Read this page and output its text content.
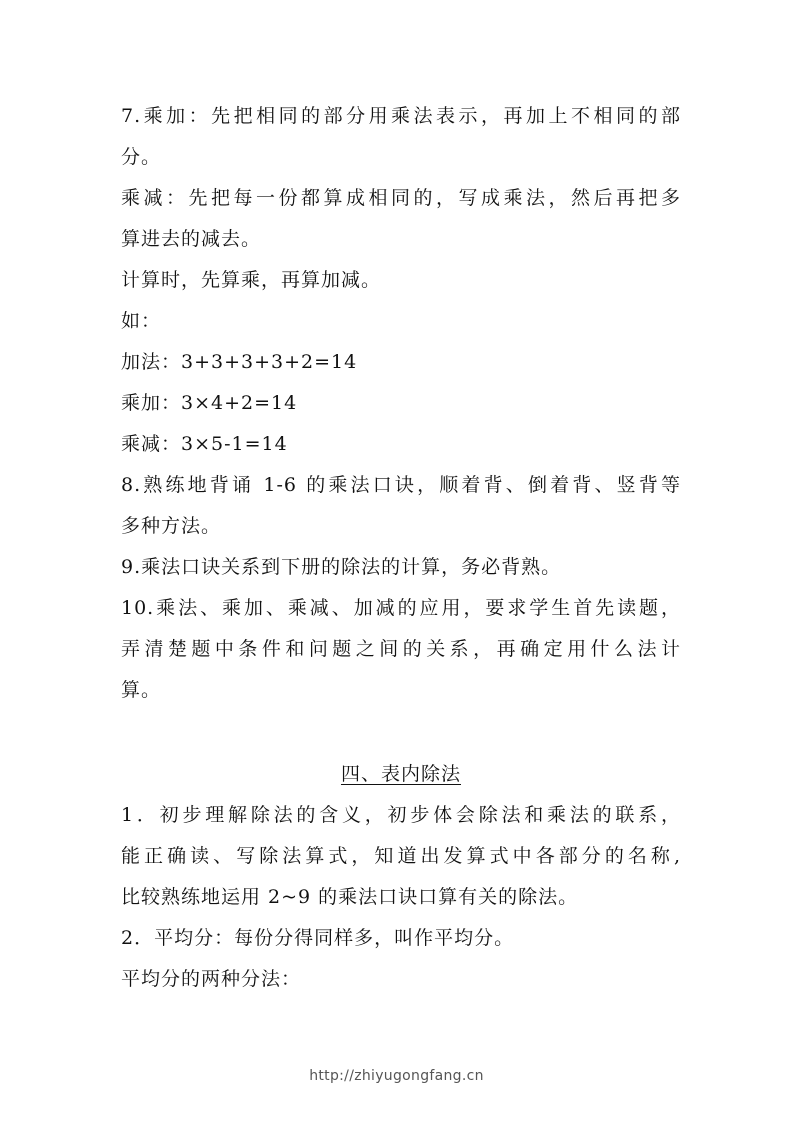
7.乘加：先把相同的部分用乘法表示，再加上不相同的部
分。
乘减：先把每一份都算成相同的，写成乘法，然后再把多
算进去的减去。
计算时，先算乘，再算加减。
如：
加法：3+3+3+3+2=14
乘加：3×4+2=14
乘减：3×5-1=14
8.熟练地背诵 1-6 的乘法口诀，顺着背、倒着背、竖背等
多种方法。
9.乘法口诀关系到下册的除法的计算，务必背熟。
10.乘法、乘加、乘减、加减的应用，要求学生首先读题，
弄清楚题中条件和问题之间的关系，再确定用什么法计
算。
四、表内除法
1．初步理解除法的含义，初步体会除法和乘法的联系，
能正确读、写除法算式，知道出发算式中各部分的名称,
比较熟练地运用 2~9 的乘法口诀口算有关的除法。
2．平均分：每份分得同样多，叫作平均分。
平均分的两种分法：
http://zhiyugongfang.cn
